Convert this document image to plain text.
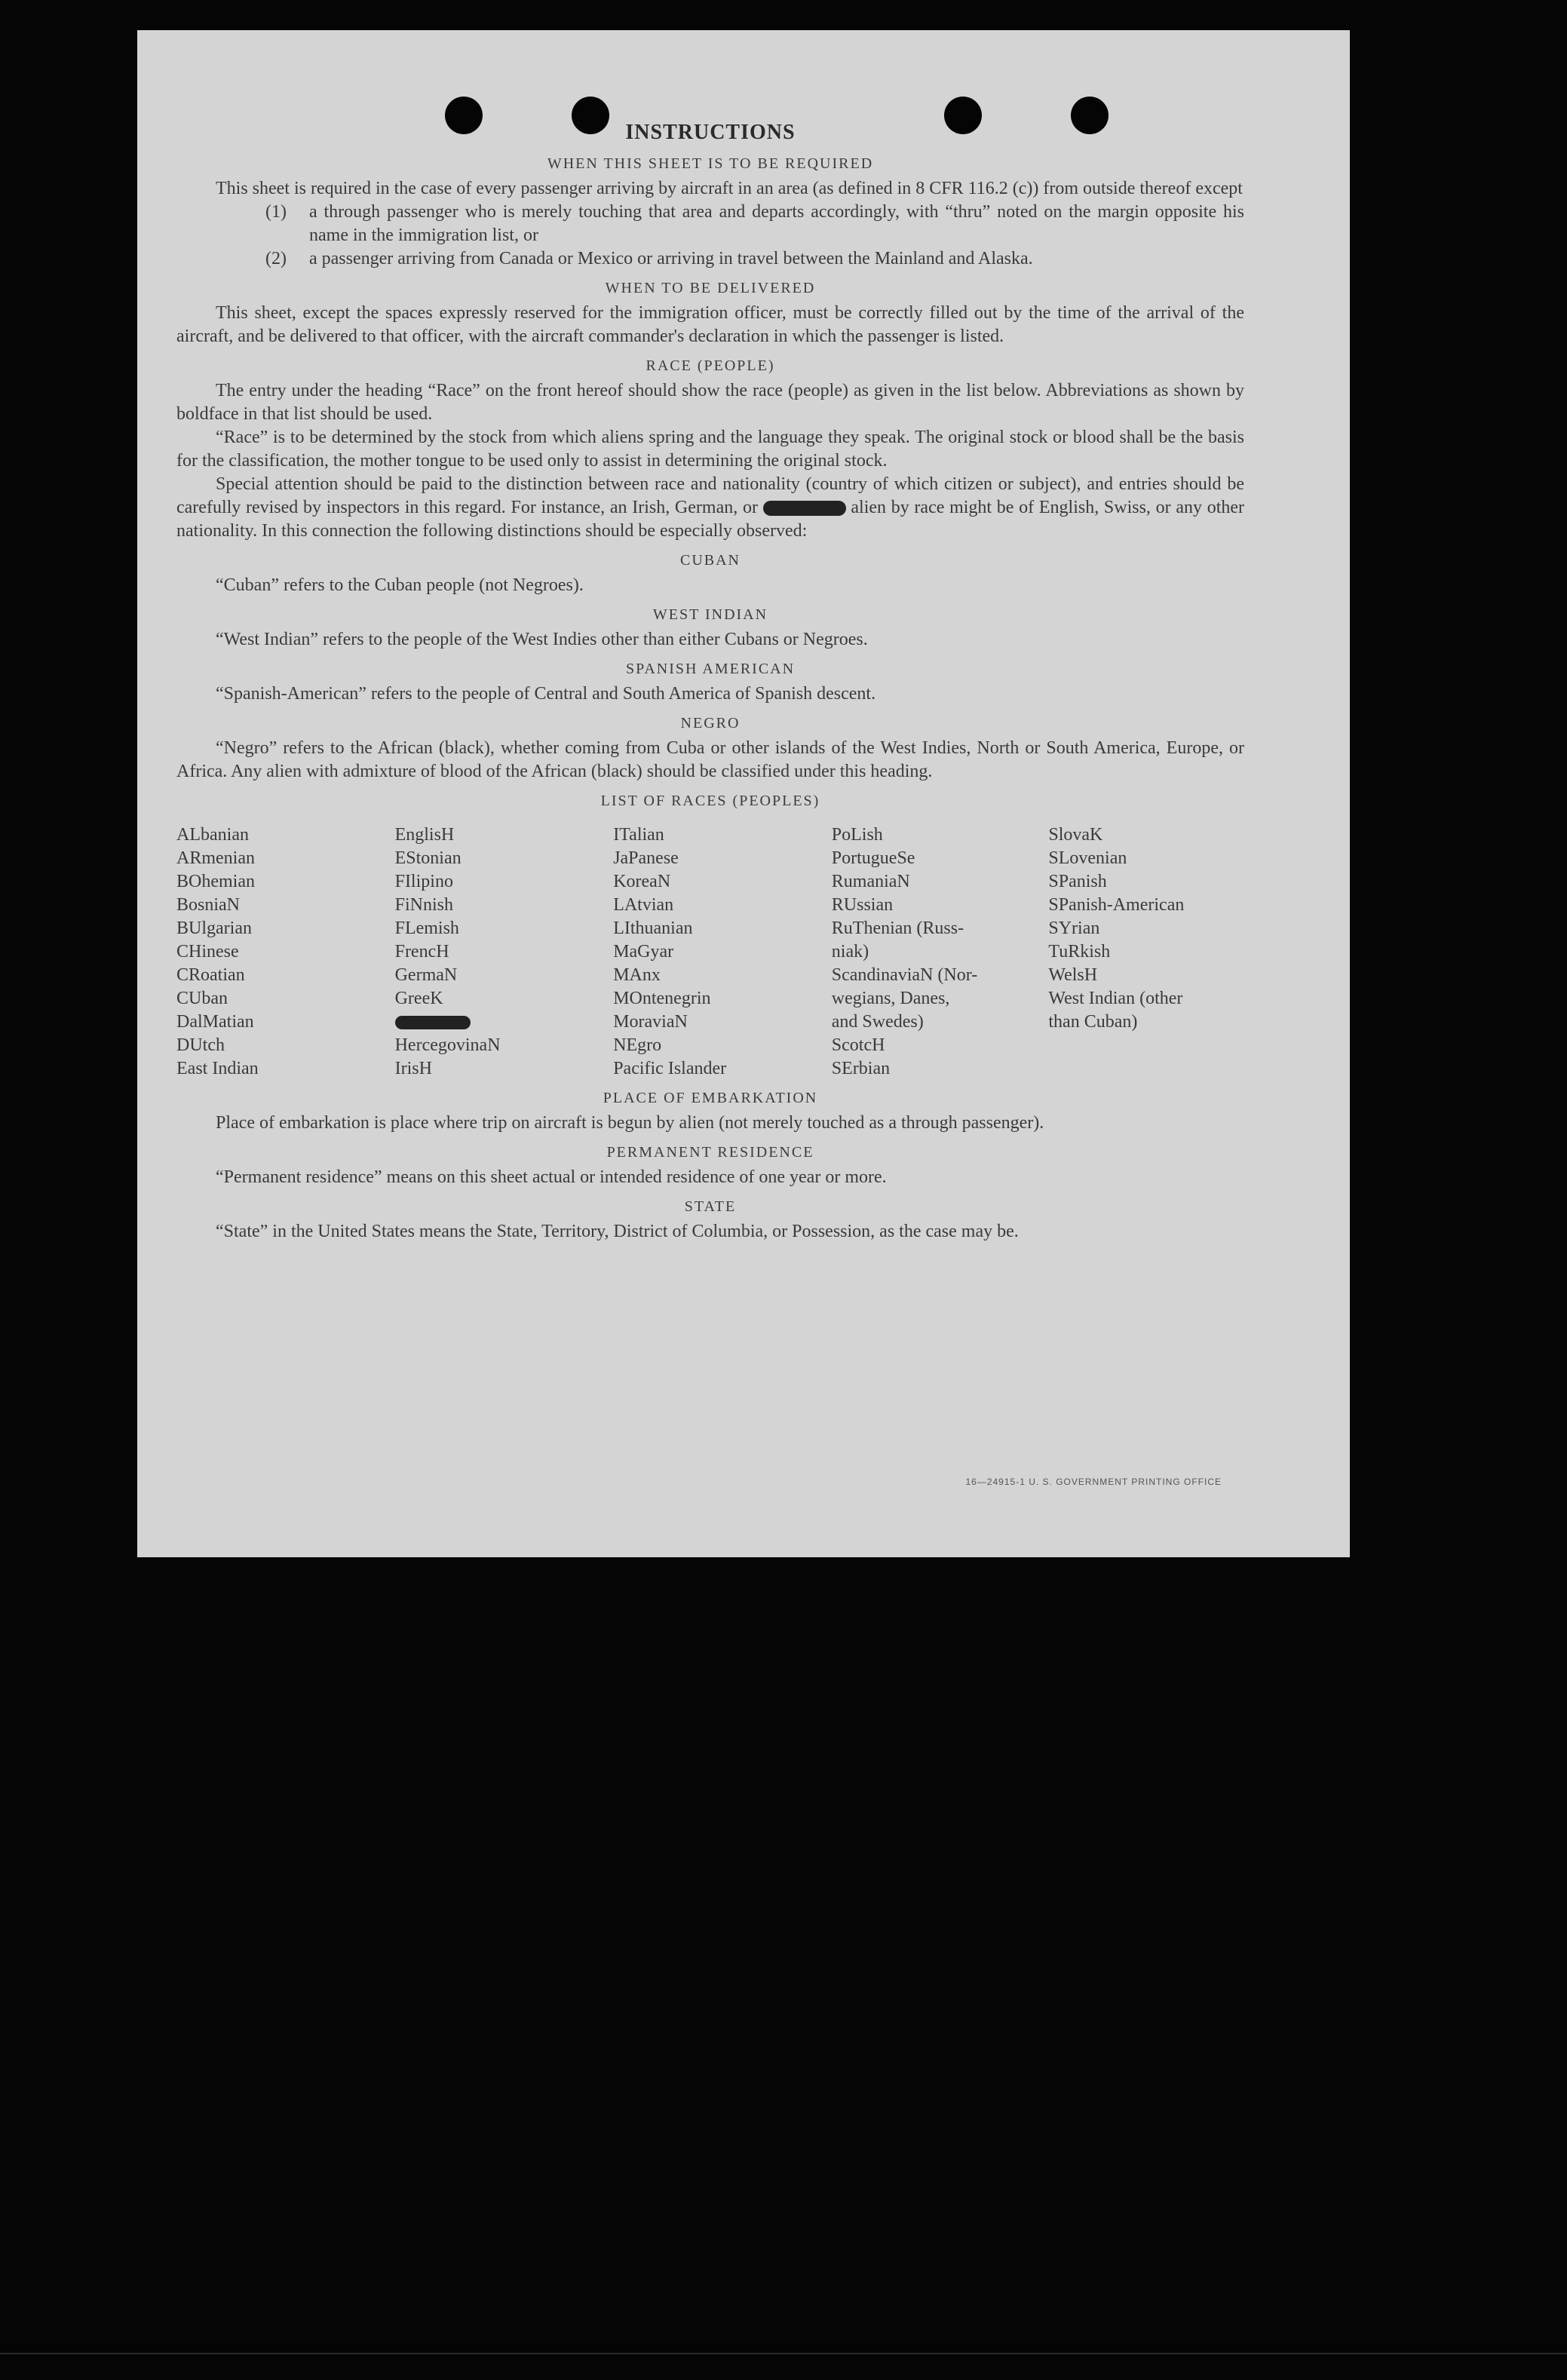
INSTRUCTIONS
WHEN THIS SHEET IS TO BE REQUIRED

This sheet is required in the case of every passenger arriving by aircraft in an area (as defined in 8 CFR 116.2 (c)) from outside thereof except

(1)	a through passenger who is merely touching that area and departs accordingly, with “thru” noted on the margin opposite his name in the immigration list, or
(2)	a passenger arriving from Canada or Mexico or arriving in travel between the Mainland and Alaska.
WHEN TO BE DELIVERED

This sheet, except the spaces expressly reserved for the immigration officer, must be correctly filled out by the time of the arrival of the aircraft, and be delivered to that officer, with the aircraft commander's declaration in which the passenger is listed.

RACE (PEOPLE)

The entry under the heading “Race” on the front hereof should show the race (people) as given in the list below. Abbreviations as shown by boldface in that list should be used.

“Race” is to be determined by the stock from which aliens spring and the language they speak. The original stock or blood shall be the basis for the classification, the mother tongue to be used only to assist in determining the original stock.

Special attention should be paid to the distinction between race and nationality (country of which citizen or subject), and entries should be carefully revised by inspectors in this regard. For instance, an Irish, German, or	alien by race might be of English, Swiss, or any other nationality. In this connection the following distinctions should be especially observed:

CUBAN

“Cuban” refers to the Cuban people (not Negroes).

WEST INDIAN

“West Indian” refers to the people of the West Indies other than either Cubans or Negroes.

SPANISH AMERICAN

“Spanish-American” refers to the people of Central and South America of Spanish descent.

NEGRO

“Negro” refers to the African (black), whether coming from Cuba or other islands of the West Indies, North or South America, Europe, or Africa. Any alien with admixture of blood of the African (black) should be classified under this heading.

LIST OF RACES (PEOPLES)
ALbanian
ARmenian
BOhemian
BosniaN
BUlgarian
CHinese
CRoatian
CUban
DalMatian
DUtch
East Indian
EnglisH
EStonian
FIlipino
FiNnish
FLemish
FrencH
GermaN
GreeK
HercegovinaN
IrisH
ITalian
JaPanese
KoreaN
LAtvian
LIthuanian
MaGyar
MAnx
MOntenegrin
MoraviaN
NEgro
Pacific Islander
PoLish
PortugueSe
RumaniaN
RUssian
RuThenian (Russ-
niak)
ScandinaviaN (Nor-
wegians, Danes,
and Swedes)
ScotcH
SErbian
SlovaK
SLovenian
SPanish
SPanish-American
SYrian
TuRkish
WelsH
West Indian (other
than Cuban)
PLACE OF EMBARKATION

Place of embarkation is place where trip on aircraft is begun by alien (not merely touched as a through passenger).

PERMANENT RESIDENCE

“Permanent residence” means on this sheet actual or intended residence of one year or more.

STATE

“State” in the United States means the State, Territory, District of Columbia, or Possession, as the case may be.

16—24915-1 U. S. GOVERNMENT PRINTING OFFICE
